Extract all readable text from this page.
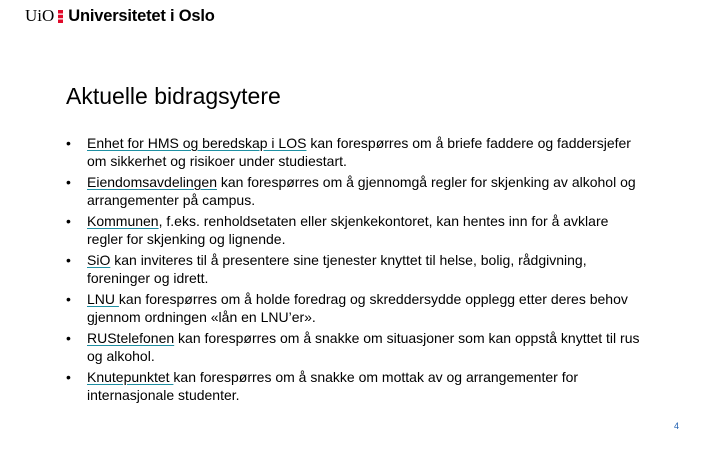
UiO Universitetet i Oslo
Aktuelle bidragsytere
• Enhet for HMS og beredskap i LOS kan forespørres om å briefe faddere og faddersjefer
om sikkerhet og risikoer under studiestart.
• Eiendomsavdelingen kan forespørres om å gjennomgå regler for skjenking av alkohol og
arrangementer på campus.
• Kommunen, f.eks. renholdsetaten eller skjenkekontoret, kan hentes inn for å avklare
regler for skjenking og lignende.
• SiO kan inviteres til å presentere sine tjenester knyttet til helse, bolig, rådgivning,
foreninger og idrett.
• LNU kan forespørres om å holde foredrag og skreddersydde opplegg etter deres behov
gjennom ordningen «lån en LNU’er».
• RUStelefonen kan forespørres om å snakke om situasjoner som kan oppstå knyttet til rus
og alkohol.
• Knutepunktet kan forespørres om å snakke om mottak av og arrangementer for
internasjonale studenter.
4
